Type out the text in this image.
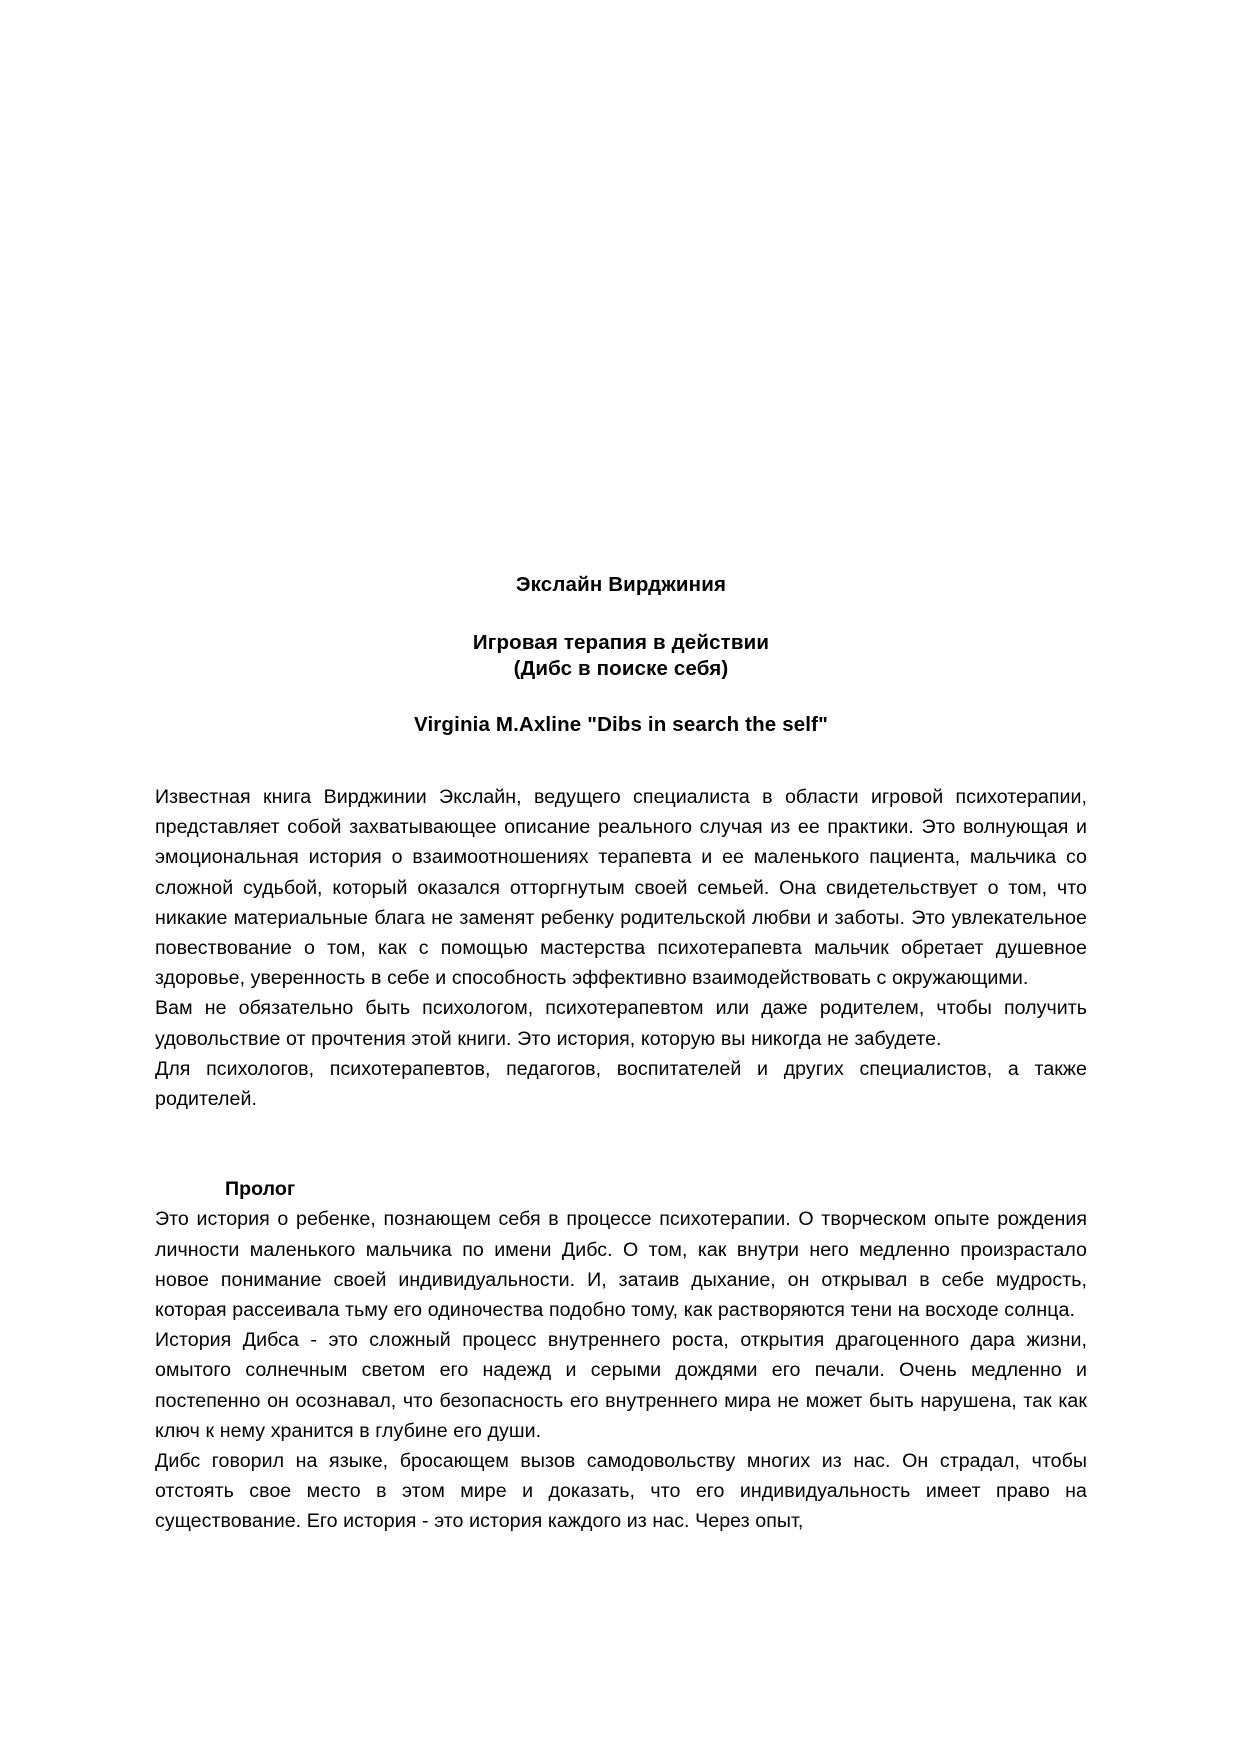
Экслайн Вирджиния
Игровая терапия в действии
(Дибс в поиске себя)
Virginia M.Axline "Dibs in search the self"

Известная книга Вирджинии Экслайн, ведущего специалиста в области игровой психотерапии, представляет собой захватывающее описание реального случая из ее практики. Это волнующая и эмоциональная история о взаимоотношениях терапевта и ее маленького пациента, мальчика со сложной судьбой, который оказался отторгнутым своей семьей. Она свидетельствует о том, что никакие материальные блага не заменят ребенку родительской любви и заботы. Это увлекательное повествование о том, как с помощью мастерства психотерапевта мальчик обретает душевное здоровье, уверенность в себе и способность эффективно взаимодействовать с окружающими.

Вам не обязательно быть психологом, психотерапевтом или даже родителем, чтобы получить удовольствие от прочтения этой книги. Это история, которую вы никогда не забудете.

Для психологов, психотерапевтов, педагогов, воспитателей и других специалистов, а также родителей.

Пролог

Это история о ребенке, познающем себя в процессе психотерапии. О творческом опыте рождения личности маленького мальчика по имени Дибс. О том, как внутри него медленно произрастало новое понимание своей индивидуальности. И, затаив дыхание, он открывал в себе мудрость, которая рассеивала тьму его одиночества подобно тому, как растворяются тени на восходе солнца.

История Дибса - это сложный процесс внутреннего роста, открытия драгоценного дара жизни, омытого солнечным светом его надежд и серыми дождями его печали. Очень медленно и постепенно он осознавал, что безопасность его внутреннего мира не может быть нарушена, так как ключ к нему хранится в глубине его души.

Дибс говорил на языке, бросающем вызов самодовольству многих из нас. Он страдал, чтобы отстоять свое место в этом мире и доказать, что его индивидуальность имеет право на существование. Его история - это история каждого из нас. Через опыт,
